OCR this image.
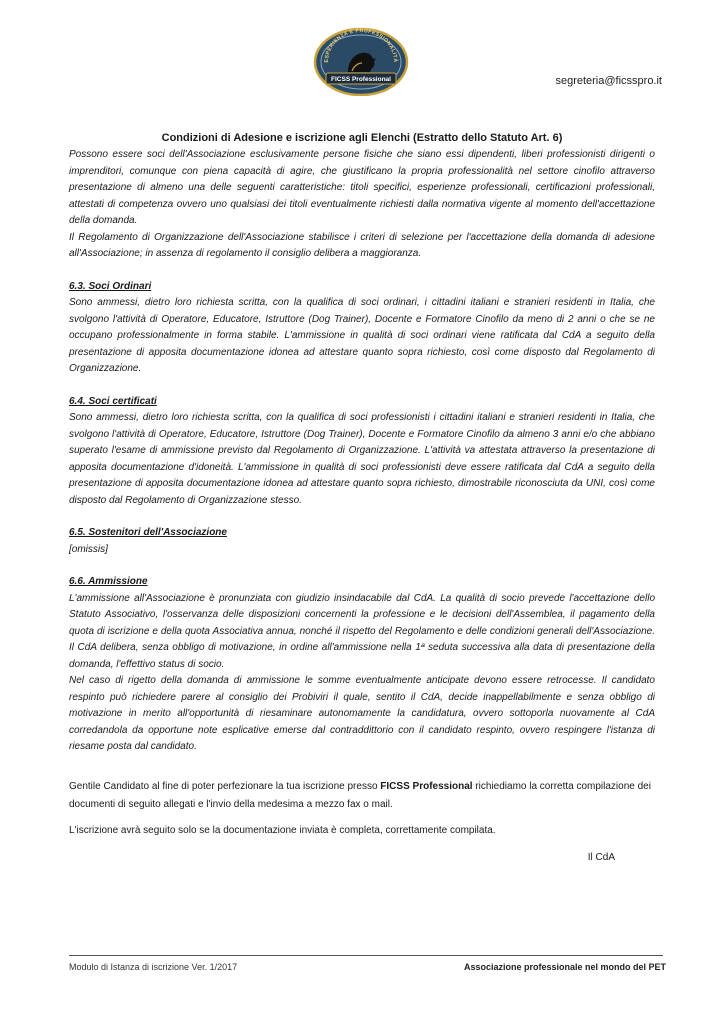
ESPERIENZA E PROFESSIONALITÀ
FICSS Professional	segreteria@ficsspro.it

Condizioni di Adesione e iscrizione agli Elenchi (Estratto dello Statuto Art. 6)

Possono essere soci dell'Associazione esclusivamente persone fisiche che siano essi dipendenti, liberi professionisti dirigenti o imprenditori, comunque con piena capacità di agire, che giustificano la propria professionalità nel settore cinofilo attraverso presentazione di almeno una delle seguenti caratteristiche: titoli specifici, esperienze professionali, certificazioni professionali, attestati di competenza ovvero uno qualsiasi dei titoli eventualmente richiesti dalla normativa vigente al momento dell'accettazione della domanda.

Il Regolamento di Organizzazione dell'Associazione stabilisce i criteri di selezione per l'accettazione della domanda di adesione all'Associazione; in assenza di regolamento il consiglio delibera a maggioranza.

6.3. Soci Ordinari

Sono ammessi, dietro loro richiesta scritta, con la qualifica di soci ordinari, i cittadini italiani e stranieri residenti in Italia, che svolgono l'attività di Operatore, Educatore, Istruttore (Dog Trainer), Docente e Formatore Cinofilo da meno di 2 anni o che se ne occupano professionalmente in forma stabile. L'ammissione in qualità di soci ordinari viene ratificata dal CdA a seguito della presentazione di apposita documentazione idonea ad attestare quanto sopra richiesto, così come disposto dal Regolamento di Organizzazione.

6.4. Soci certificati

Sono ammessi, dietro loro richiesta scritta, con la qualifica di soci professionisti i cittadini italiani e stranieri residenti in Italia, che svolgono l'attività di Operatore, Educatore, Istruttore (Dog Trainer), Docente e Formatore Cinofilo da almeno 3 anni e/o che abbiano superato l'esame di ammissione previsto dal Regolamento di Organizzazione. L'attività va attestata attraverso la presentazione di apposita documentazione d'idoneità. L'ammissione in qualità di soci professionisti deve essere ratificata dal CdA a seguito della presentazione di apposita documentazione idonea ad attestare quanto sopra richiesto, dimostrabile riconosciuta da UNI, così come disposto dal Regolamento di Organizzazione stesso.

6.5. Sostenitori dell'Associazione

[omissis]

6.6. Ammissione

L'ammissione all'Associazione è pronunziata con giudizio insindacabile dal CdA. La qualità di socio prevede l'accettazione dello Statuto Associativo, l'osservanza delle disposizioni concernenti la professione e le decisioni dell'Assemblea, il pagamento della quota di iscrizione e della quota Associativa annua, nonché il rispetto del Regolamento e delle condizioni generali dell'Associazione. Il CdA delibera, senza obbligo di motivazione, in ordine all'ammissione nella 1ª seduta successiva alla data di presentazione della domanda, l'effettivo status di socio.

Nel caso di rigetto della domanda di ammissione le somme eventualmente anticipate devono essere retrocesse. Il candidato respinto può richiedere parere al consiglio dei Probiviri il quale, sentito il CdA, decide inappellabilmente e senza obbligo di motivazione in merito all'opportunità di riesaminare autonomamente la candidatura, ovvero sottoporla nuovamente al CdA corredandola da opportune note esplicative emerse dal contraddittorio con il candidato respinto, ovvero respingere l'istanza di riesame posta dal candidato.

Gentile Candidato al fine di poter perfezionare la tua iscrizione presso FICSS Professional richiediamo la corretta compilazione dei documenti di seguito allegati e l'invio della medesima a mezzo fax o mail.

L'iscrizione avrà seguito solo se la documentazione inviata è completa, correttamente compilata.

Il CdA

Modulo di Istanza di iscrizione Ver. 1/2017	Associazione professionale nel mondo del PET
